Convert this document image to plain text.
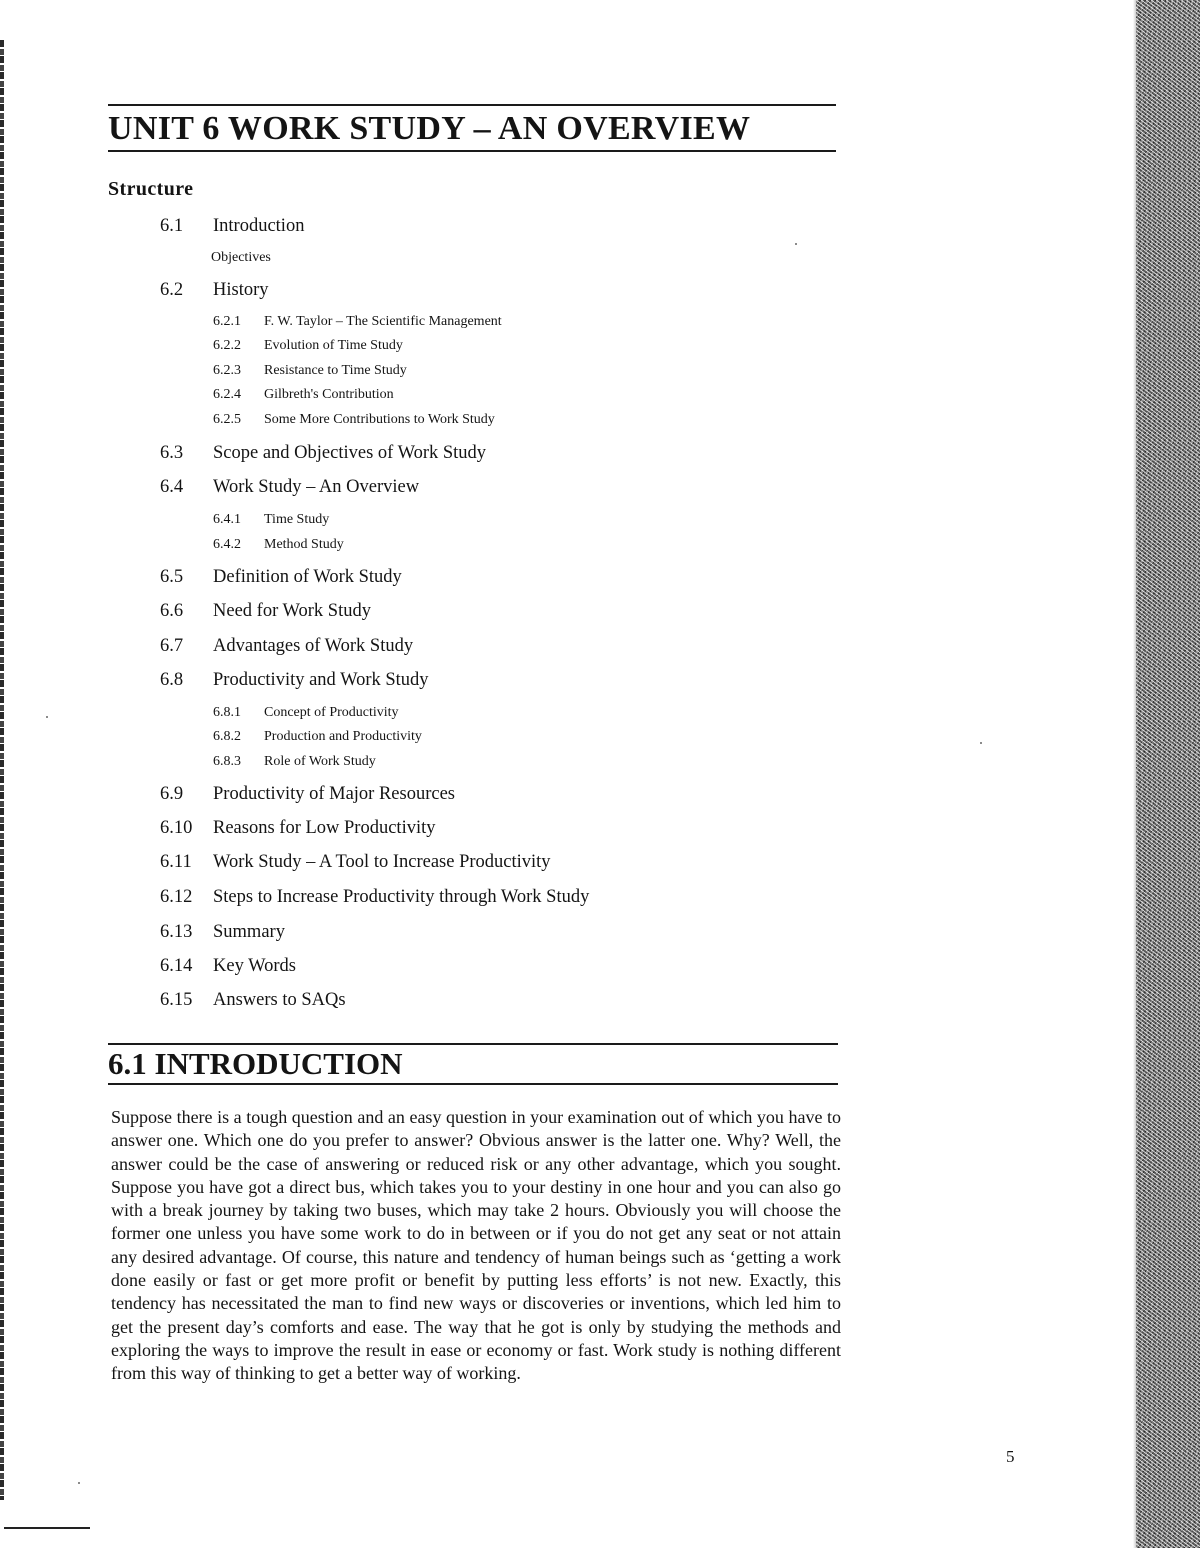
UNIT 6 WORK STUDY – AN OVERVIEW
Structure
6.1 Introduction
Objectives
6.2 History
6.2.1 F. W. Taylor – The Scientific Management
6.2.2 Evolution of Time Study
6.2.3 Resistance to Time Study
6.2.4 Gilbreth's Contribution
6.2.5 Some More Contributions to Work Study
6.3 Scope and Objectives of Work Study
6.4 Work Study – An Overview
6.4.1 Time Study
6.4.2 Method Study
6.5 Definition of Work Study
6.6 Need for Work Study
6.7 Advantages of Work Study
6.8 Productivity and Work Study
6.8.1 Concept of Productivity
6.8.2 Production and Productivity
6.8.3 Role of Work Study
6.9 Productivity of Major Resources
6.10 Reasons for Low Productivity
6.11 Work Study – A Tool to Increase Productivity
6.12 Steps to Increase Productivity through Work Study
6.13 Summary
6.14 Key Words
6.15 Answers to SAQs
6.1 INTRODUCTION

Suppose there is a tough question and an easy question in your examination out of which you have to answer one. Which one do you prefer to answer? Obvious answer is the latter one. Why? Well, the answer could be the case of answering or reduced risk or any other advantage, which you sought. Suppose you have got a direct bus, which takes you to your destiny in one hour and you can also go with a break journey by taking two buses, which may take 2 hours. Obviously you will choose the former one unless you have some work to do in between or if you do not get any seat or not attain any desired advantage. Of course, this nature and tendency of human beings such as ‘getting a work done easily or fast or get more profit or benefit by putting less efforts’ is not new. Exactly, this tendency has necessitated the man to find new ways or discoveries or inventions, which led him to get the present day’s comforts and ease. The way that he got is only by studying the methods and exploring the ways to improve the result in ease or economy or fast. Work study is nothing different from this way of thinking to get a better way of working.

5
